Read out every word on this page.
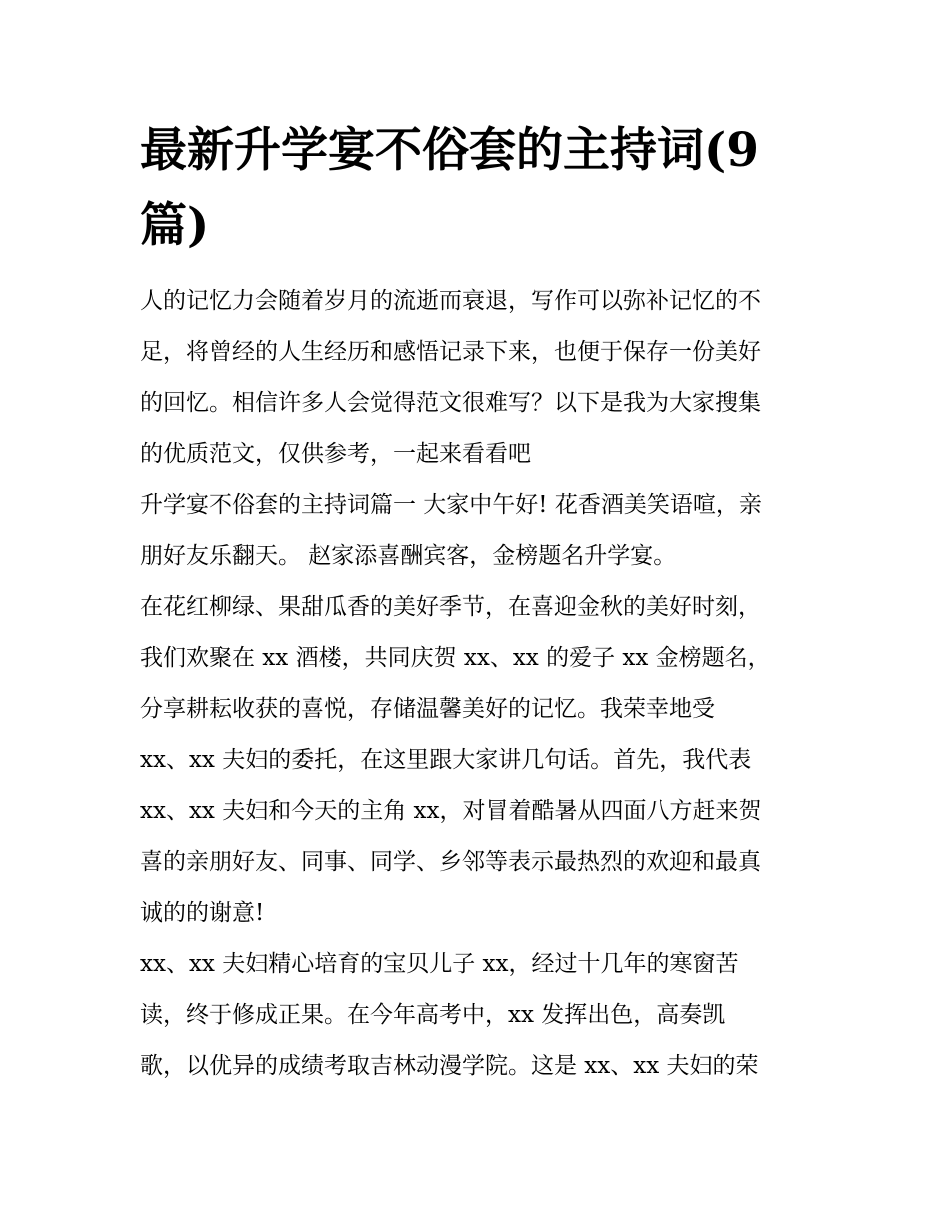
最新升学宴不俗套的主持词(9
篇)
人的记忆力会随着岁月的流逝而衰退，写作可以弥补记忆的不
足，将曾经的人生经历和感悟记录下来，也便于保存一份美好
的回忆。相信许多人会觉得范文很难写？以下是我为大家搜集
的优质范文，仅供参考，一起来看看吧
升学宴不俗套的主持词篇一 大家中午好! 花香酒美笑语喧，亲
朋好友乐翻天。 赵家添喜酬宾客，金榜题名升学宴。
在花红柳绿、果甜瓜香的美好季节，在喜迎金秋的美好时刻，
我们欢聚在 xx 酒楼，共同庆贺 xx、xx 的爱子 xx 金榜题名，
分享耕耘收获的喜悦，存储温馨美好的记忆。我荣幸地受
xx、xx 夫妇的委托，在这里跟大家讲几句话。首先，我代表
xx、xx 夫妇和今天的主角 xx，对冒着酷暑从四面八方赶来贺
喜的亲朋好友、同事、同学、乡邻等表示最热烈的欢迎和最真
诚的的谢意!
xx、xx 夫妇精心培育的宝贝儿子 xx，经过十几年的寒窗苦
读，终于修成正果。在今年高考中，xx 发挥出色，高奏凯
歌，以优异的成绩考取吉林动漫学院。这是 xx、xx 夫妇的荣
